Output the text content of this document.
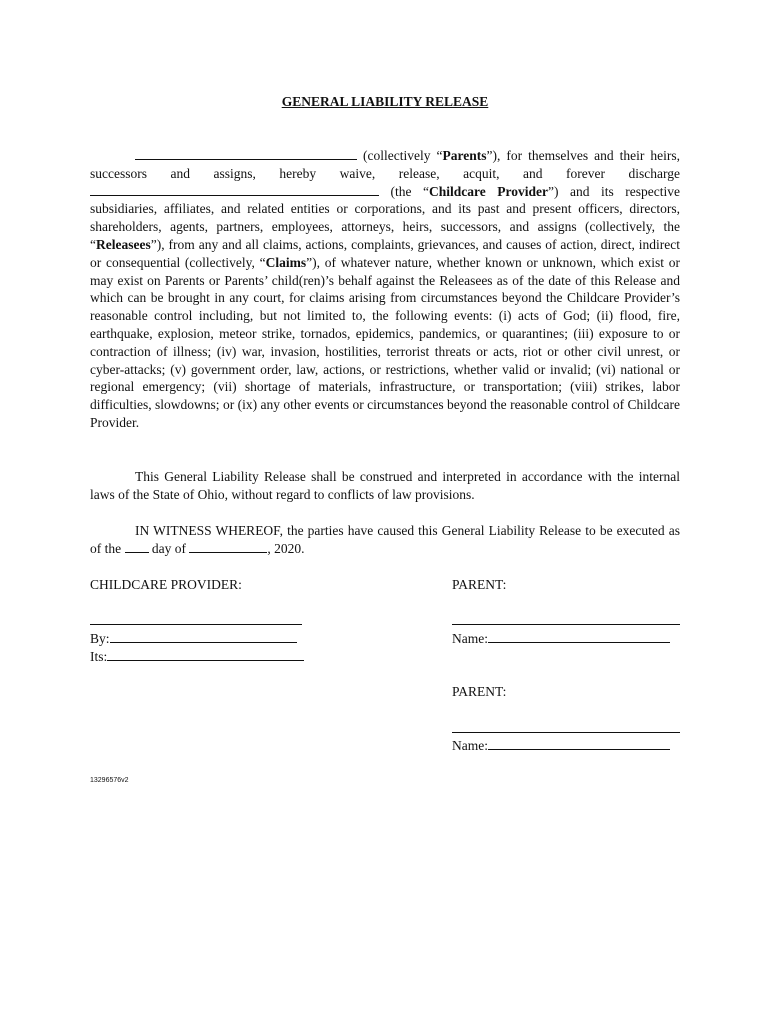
GENERAL LIABILITY RELEASE
(collectively “Parents”), for themselves and their heirs, successors and assigns, hereby waive, release, acquit, and forever discharge  (the “Childcare Provider”) and its respective subsidiaries, affiliates, and related entities or corporations, and its past and present officers, directors, shareholders, agents, partners, employees, attorneys, heirs, successors, and assigns (collectively, the “Releasees”), from any and all claims, actions, complaints, grievances, and causes of action, direct, indirect or consequential (collectively, “Claims”), of whatever nature, whether known or unknown, which exist or may exist on Parents or Parents’ child(ren)’s behalf against the Releasees as of the date of this Release and which can be brought in any court, for claims arising from circumstances beyond the Childcare Provider’s reasonable control including, but not limited to, the following events: (i) acts of God; (ii) flood, fire, earthquake, explosion, meteor strike, tornados, epidemics, pandemics, or quarantines; (iii) exposure to or contraction of illness; (iv) war, invasion, hostilities, terrorist threats or acts, riot or other civil unrest, or cyber-attacks; (v) government order, law, actions, or restrictions, whether valid or invalid; (vi) national or regional emergency; (vii) shortage of materials, infrastructure, or transportation; (viii) strikes, labor difficulties, slowdowns; or (ix) any other events or circumstances beyond the reasonable control of Childcare Provider.
This General Liability Release shall be construed and interpreted in accordance with the internal laws of the State of Ohio, without regard to conflicts of law provisions.
IN WITNESS WHEREOF, the parties have caused this General Liability Release to be executed as of the day of	, 2020.
CHILDCARE PROVIDER:
By:
Its:
PARENT:
Name:
PARENT:
Name:
13296576v2
